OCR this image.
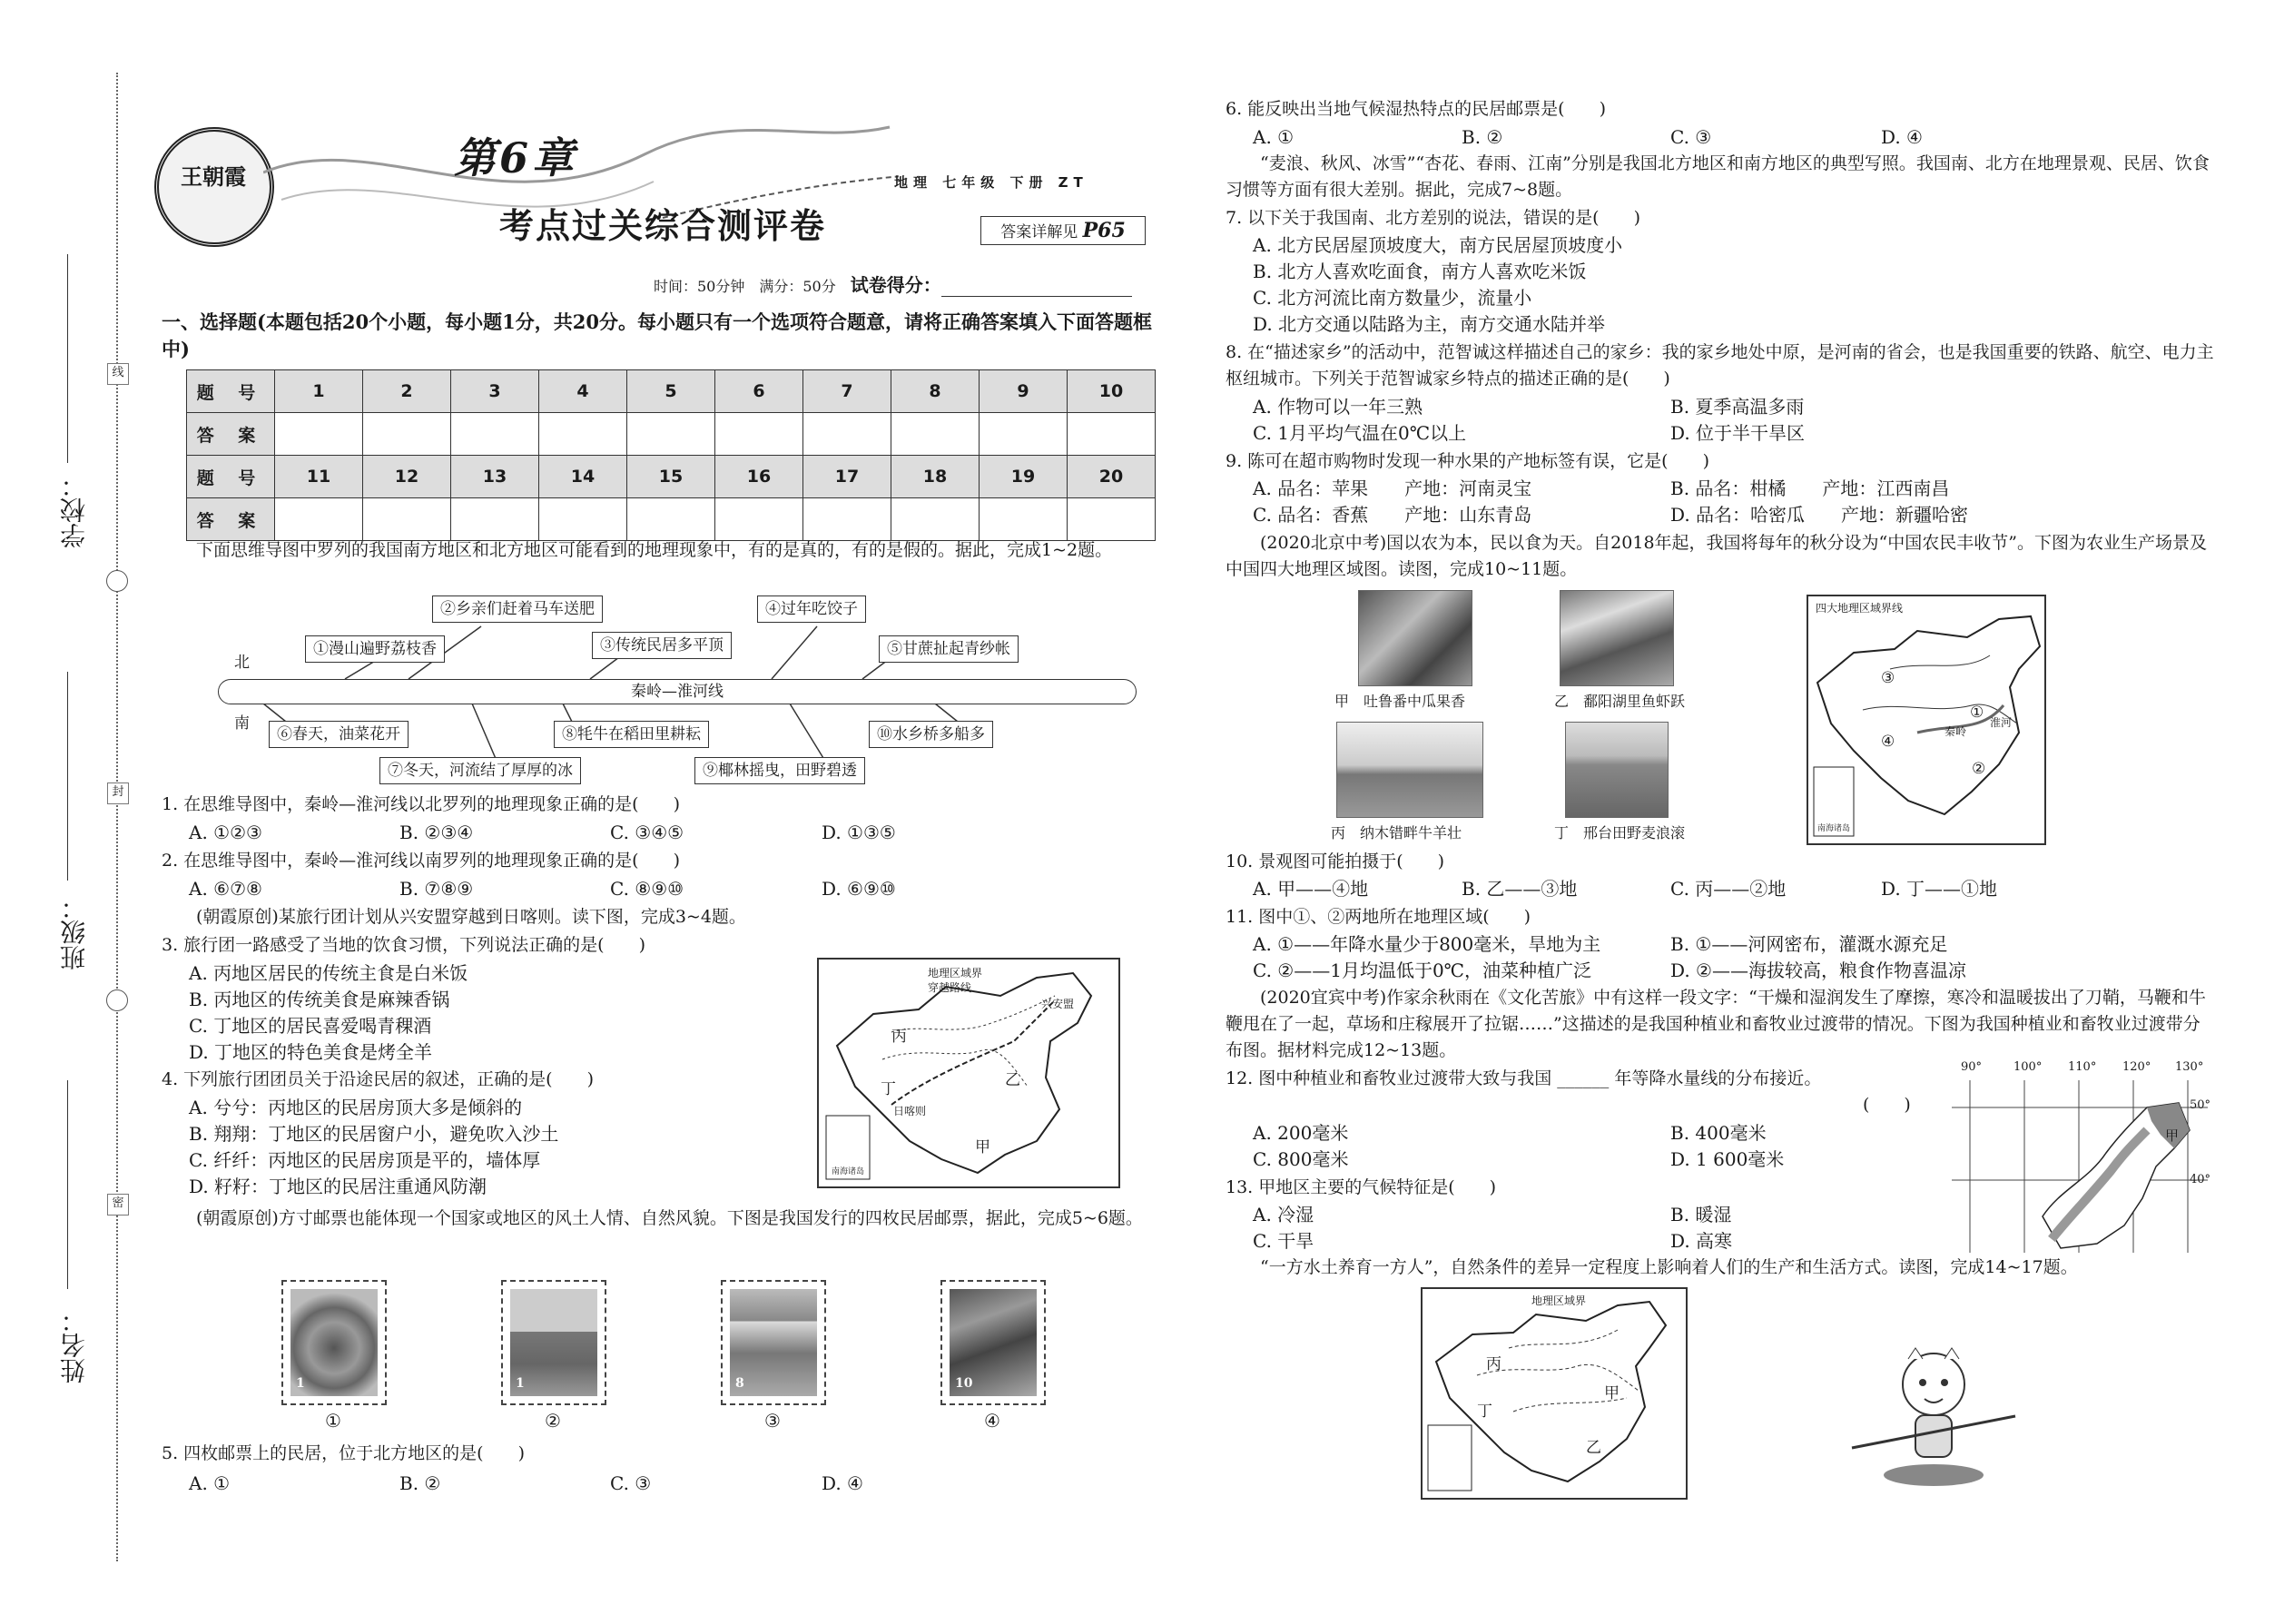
学校：
班级：
姓名：
线
封
密
王朝霞	第6章
考点过关综合测评卷
地理 七年级 下册 ZT
答案详解见 P65
时间：50分钟　满分：50分　 试卷得分：
一、选择题(本题包括20个小题，每小题1分，共20分。每小题只有一个选项符合题意，请将正确答案填入下面答题框中)
题 号	1	2	3	4	5	6	7	8	9	10
答 案										
题 号	11	12	13	14	15	16	17	18	19	20
答 案										
下面思维导图中罗列的我国南方地区和北方地区可能看到的地理现象中，有的是真的，有的是假的。据此，完成1~2题。
②乡亲们赶着马车送肥	④过年吃饺子
①漫山遍野荔枝香	③传统民居多平顶	⑤甘蔗扯起青纱帐
北
秦岭—淮河线
南
⑥春天，油菜花开	⑧牦牛在稻田里耕耘	⑩水乡桥多船多
⑦冬天，河流结了厚厚的冰	⑨椰林摇曳，田野碧透
1. 在思维导图中，秦岭—淮河线以北罗列的地理现象正确的是(　　)
A. ①②③	B. ②③④	C. ③④⑤	D. ①③⑤
2. 在思维导图中，秦岭—淮河线以南罗列的地理现象正确的是(　　)
A. ⑥⑦⑧	B. ⑦⑧⑨	C. ⑧⑨⑩	D. ⑥⑨⑩
(朝霞原创)某旅行团计划从兴安盟穿越到日喀则。读下图，完成3~4题。
3. 旅行团一路感受了当地的饮食习惯，下列说法正确的是(　　)
A. 丙地区居民的传统主食是白米饭
B. 丙地区的传统美食是麻辣香锅
C. 丁地区的居民喜爱喝青稞酒
D. 丁地区的特色美食是烤全羊
4. 下列旅行团团员关于沿途民居的叙述，正确的是(　　)
A. 兮兮：丙地区的民居房顶大多是倾斜的
B. 翔翔：丁地区的民居窗户小，避免吹入沙土
C. 纤纤：丙地区的民居房顶是平的，墙体厚
D. 籽籽：丁地区的民居注重通风防潮
地理区域界
穿越路线
兴安盟
日喀则
丙
丁	乙
甲
南海诸岛
(朝霞原创)方寸邮票也能体现一个国家或地区的风土人情、自然风貌。下图是我国发行的四枚民居邮票，据此，完成5~6题。
1	1	8	10
①	②	③	④
5. 四枚邮票上的民居，位于北方地区的是(　　)
A. ①	B. ②	C. ③	D. ④
6. 能反映出当地气候湿热特点的民居邮票是(　　)
A. ①	B. ②	C. ③	D. ④
“麦浪、秋风、冰雪”“杏花、春雨、江南”分别是我国北方地区和南方地区的典型写照。我国南、北方在地理景观、民居、饮食习惯等方面有很大差别。据此，完成7~8题。
7. 以下关于我国南、北方差别的说法，错误的是(　　)
A. 北方民居屋顶坡度大，南方民居屋顶坡度小
B. 北方人喜欢吃面食，南方人喜欢吃米饭
C. 北方河流比南方数量少，流量小
D. 北方交通以陆路为主，南方交通水陆并举
8. 在“描述家乡”的活动中，范智诚这样描述自己的家乡：我的家乡地处中原，是河南的省会，也是我国重要的铁路、航空、电力主枢纽城市。下列关于范智诚家乡特点的描述正确的是(　　)
A. 作物可以一年三熟	B. 夏季高温多雨
C. 1月平均气温在0℃以上	D. 位于半干旱区
9. 陈可在超市购物时发现一种水果的产地标签有误，它是(　　)
A. 品名：苹果　　产地：河南灵宝	B. 品名：柑橘　　产地：江西南昌
C. 品名：香蕉　　产地：山东青岛	D. 品名：哈密瓜　　产地：新疆哈密
(2020北京中考)国以农为本，民以食为天。自2018年起，我国将每年的秋分设为“中国农民丰收节”。下图为农业生产场景及中国四大地理区域图。读图，完成10~11题。
甲　吐鲁番中瓜果香	乙　鄱阳湖里鱼虾跃
丙　纳木错畔牛羊壮	丁　邢台田野麦浪滚
四大地理区域界线
③
①
④
②
秦岭
淮河
南海诸岛
10. 景观图可能拍摄于(　　)
A. 甲——④地	B. 乙——③地	C. 丙——②地	D. 丁——①地
11. 图中①、②两地所在地理区域(　　)
A. ①——年降水量少于800毫米，旱地为主	B. ①——河网密布，灌溉水源充足
C. ②——1月均温低于0℃，油菜种植广泛	D. ②——海拔较高，粮食作物喜温凉
(2020宜宾中考)作家余秋雨在《文化苦旅》中有这样一段文字：“干燥和湿润发生了摩擦，寒冷和温暖拔出了刀鞘，马鞭和牛鞭甩在了一起，草场和庄稼展开了拉锯……”这描述的是我国种植业和畜牧业过渡带的情况。下图为我国种植业和畜牧业过渡带分布图。据材料完成12~13题。
12. 图中种植业和畜牧业过渡带大致与我国 ______ 年等降水量线的分布接近。
(　　)
A. 200毫米	B. 400毫米
C. 800毫米	D. 1 600毫米
90°	100° 110° 120° 130°
50°
40°
甲
13. 甲地区主要的气候特征是(　　)
A. 冷湿	B. 暖湿
C. 干旱	D. 高寒
“一方水土养育一方人”，自然条件的差异一定程度上影响着人们的生产和生活方式。读图，完成14~17题。
地理区域界
丙
丁
甲
乙
